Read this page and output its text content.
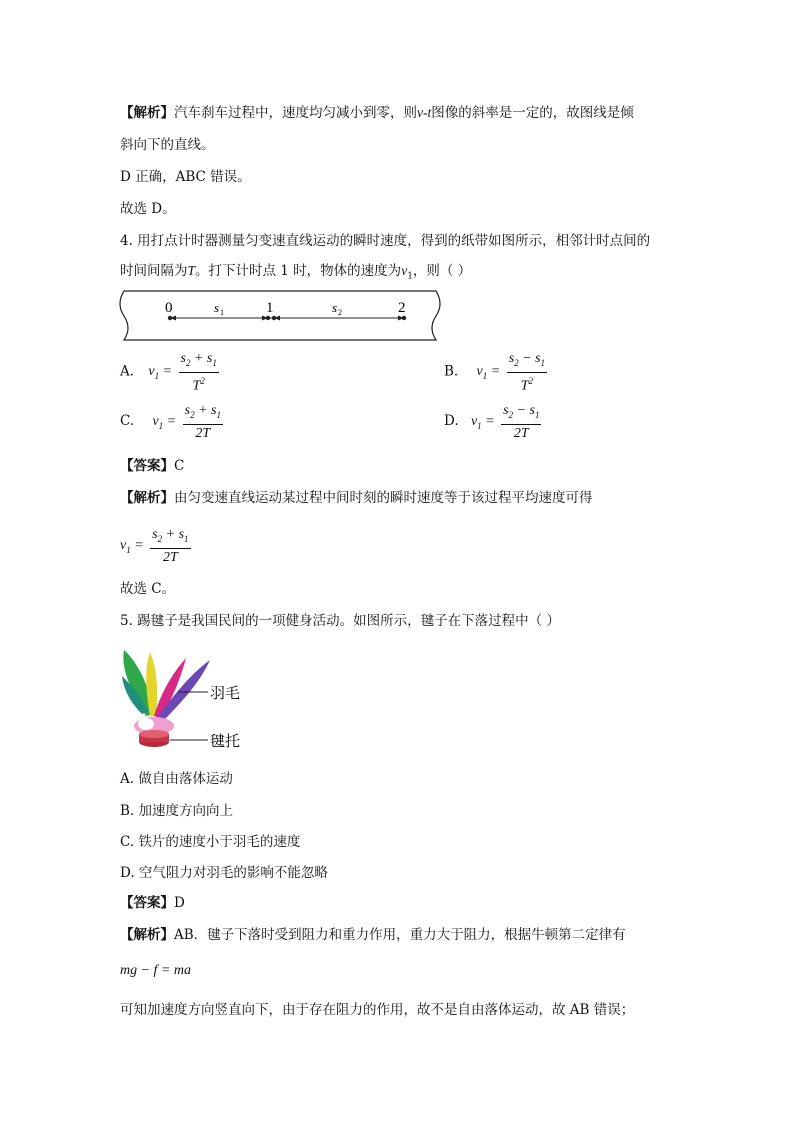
【解析】汽车刹车过程中，速度均匀减小到零，则v-t图像的斜率是一定的，故图线是倾
斜向下的直线。
D 正确，ABC 错误。
故选 D。
4. 用打点计时器测量匀变速直线运动的瞬时速度，得到的纸带如图所示，相邻计时点间的
时间间隔为T。打下计时点 1 时，物体的速度为$v_1$，则（ ）
0	1	2
s 1	s 2
A. $v_1 = \frac{s_2 + s_1}{T^2}$	B. $v_1 = \frac{s_2 - s_1}{T^2}$
C. $v_1 = \frac{s_2 + s_1}{2T}$	D. $v_1 = \frac{s_2 - s_1}{2T}$
【答案】C
【解析】由匀变速直线运动某过程中间时刻的瞬时速度等于该过程平均速度可得
$v_1 = \frac{s_2 + s_1}{2T}$
故选 C。
5. 踢毽子是我国民间的一项健身活动。如图所示，毽子在下落过程中（ ）
羽毛
毽托
A. 做自由落体运动
B. 加速度方向向上
C. 铁片的速度小于羽毛的速度
D. 空气阻力对羽毛的影响不能忽略
【答案】D
【解析】AB．毽子下落时受到阻力和重力作用，重力大于阻力，根据牛顿第二定律有
mg − f = ma
可知加速度方向竖直向下，由于存在阻力的作用，故不是自由落体运动，故 AB 错误；
